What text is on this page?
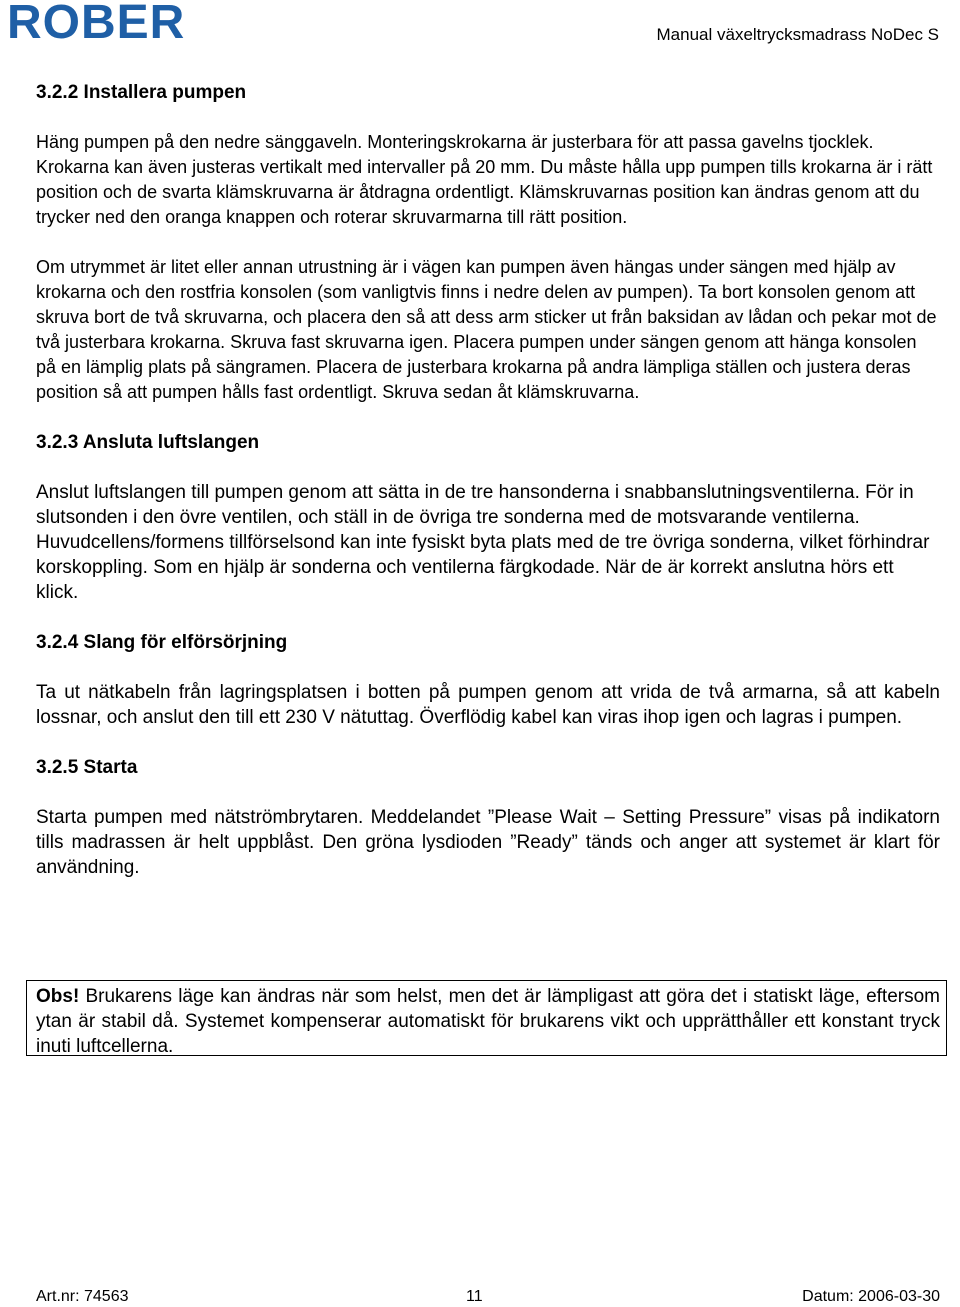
ROBER	Manual växeltrycksmadrass NoDec S
3.2.2 Installera pumpen

Häng pumpen på den nedre sänggaveln. Monteringskrokarna är justerbara för att passa gavelns tjocklek. Krokarna kan även justeras vertikalt med intervaller på 20 mm. Du måste hålla upp pumpen tills krokarna är i rätt position och de svarta klämskruvarna är åtdragna ordentligt. Klämskruvarnas position kan ändras genom att du trycker ned den oranga knappen och roterar skruvarmarna till rätt position.

Om utrymmet är litet eller annan utrustning är i vägen kan pumpen även hängas under sängen med hjälp av krokarna och den rostfria konsolen (som vanligtvis finns i nedre delen av pumpen). Ta bort konsolen genom att skruva bort de två skruvarna, och placera den så att dess arm sticker ut från baksidan av lådan och pekar mot de två justerbara krokarna. Skruva fast skruvarna igen. Placera pumpen under sängen genom att hänga konsolen på en lämplig plats på sängramen. Placera de justerbara krokarna på andra lämpliga ställen och justera deras position så att pumpen hålls fast ordentligt. Skruva sedan åt klämskruvarna.

3.2.3 Ansluta luftslangen

Anslut luftslangen till pumpen genom att sätta in de tre hansonderna i snabbanslutningsventilerna. För in slutsonden i den övre ventilen, och ställ in de övriga tre sonderna med de motsvarande ventilerna. Huvudcellens/formens tillförselsond kan inte fysiskt byta plats med de tre övriga sonderna, vilket förhindrar korskoppling. Som en hjälp är sonderna och ventilerna färgkodade. När de är korrekt anslutna hörs ett klick.

3.2.4 Slang för elförsörjning

Ta ut nätkabeln från lagringsplatsen i botten på pumpen genom att vrida de två armarna, så att kabeln lossnar, och anslut den till ett 230 V nätuttag. Överflödig kabel kan viras ihop igen och lagras i pumpen.

3.2.5 Starta

Starta pumpen med nätströmbrytaren. Meddelandet ”Please Wait – Setting Pressure” visas på indikatorn tills madrassen är helt uppblåst. Den gröna lysdioden ”Ready” tänds och anger att systemet är klart för användning.

Obs! Brukarens läge kan ändras när som helst, men det är lämpligast att göra det i statiskt läge, eftersom ytan är stabil då. Systemet kompenserar automatiskt för brukarens vikt och upprätthåller ett konstant tryck inuti luftcellerna.

Art.nr: 74563	11	Datum: 2006-03-30
